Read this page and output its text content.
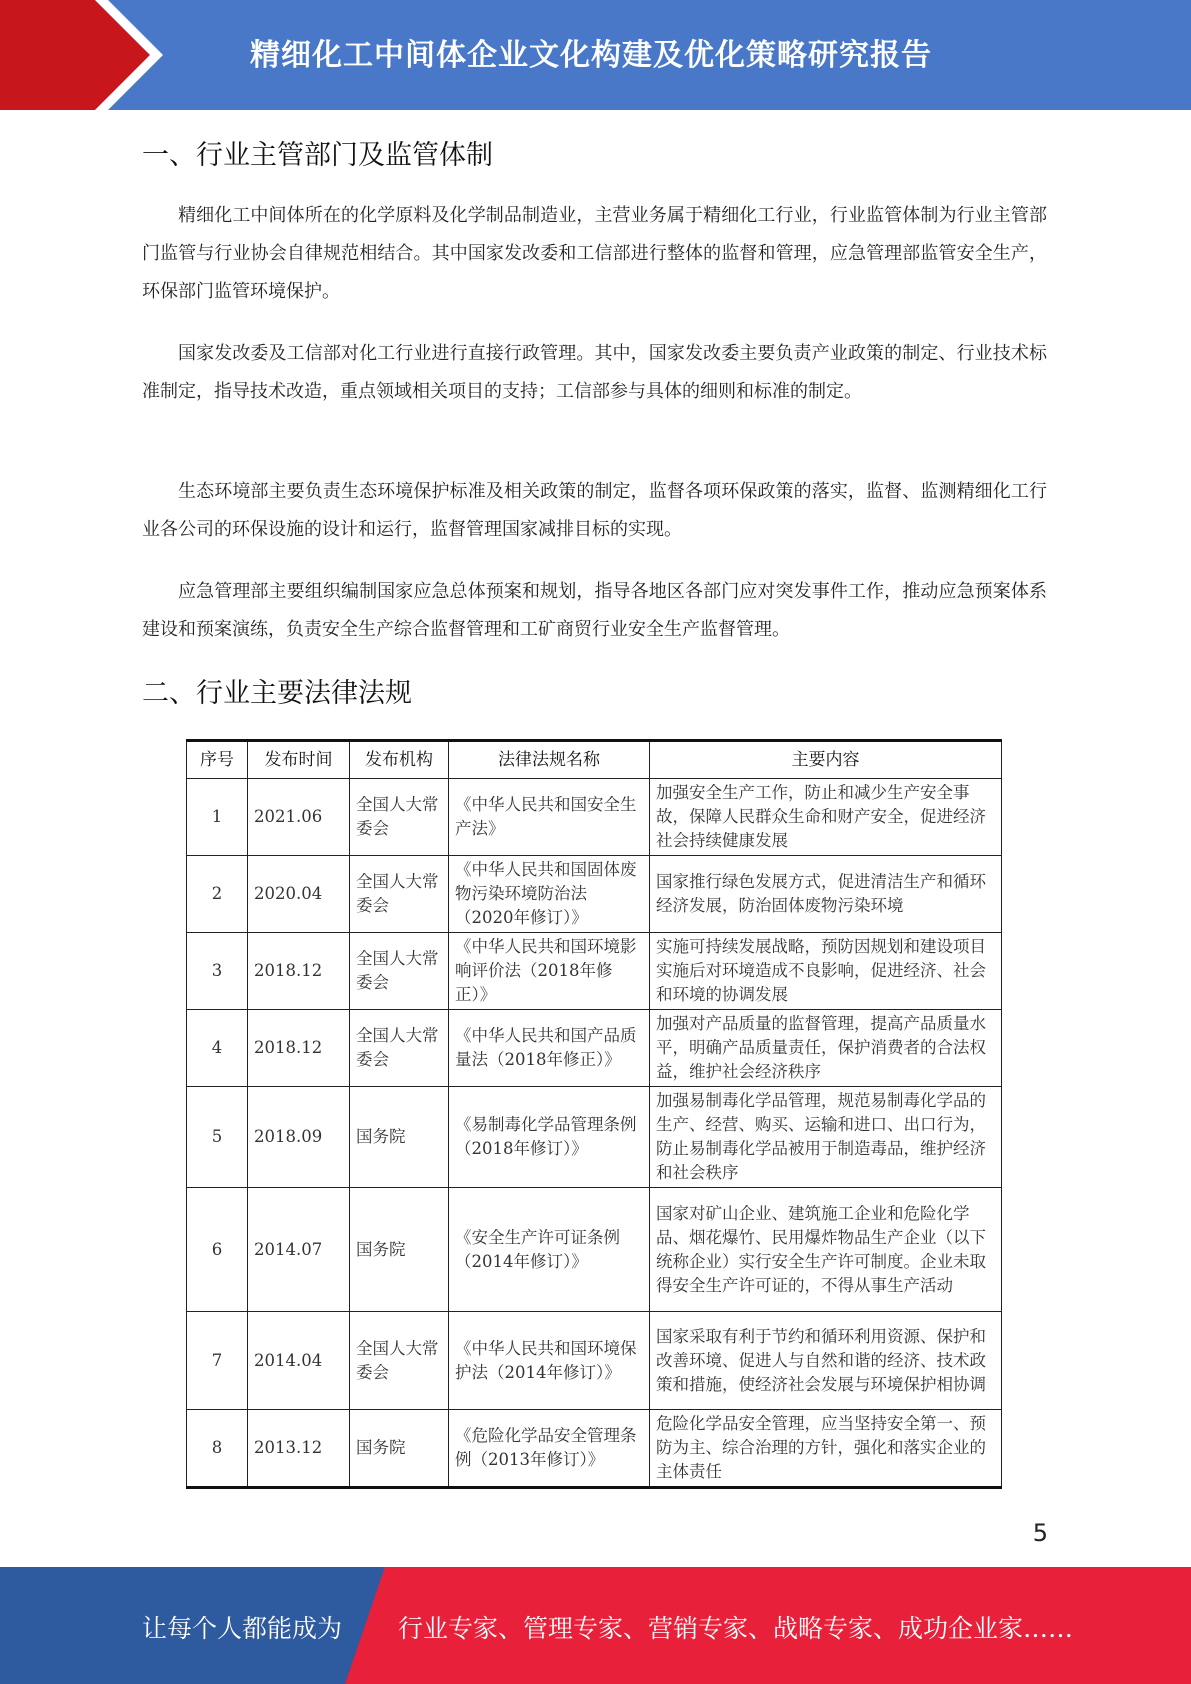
精细化工中间体企业文化构建及优化策略研究报告
一、行业主管部门及监管体制
精细化工中间体所在的化学原料及化学制品制造业，主营业务属于精细化工行业，行业监管体制为行业主管部门监管与行业协会自律规范相结合。其中国家发改委和工信部进行整体的监督和管理，应急管理部监管安全生产，环保部门监管环境保护。
国家发改委及工信部对化工行业进行直接行政管理。其中，国家发改委主要负责产业政策的制定、行业技术标准制定，指导技术改造，重点领域相关项目的支持；工信部参与具体的细则和标准的制定。
生态环境部主要负责生态环境保护标准及相关政策的制定，监督各项环保政策的落实，监督、监测精细化工行业各公司的环保设施的设计和运行，监督管理国家减排目标的实现。
应急管理部主要组织编制国家应急总体预案和规划，指导各地区各部门应对突发事件工作，推动应急预案体系建设和预案演练，负责安全生产综合监督管理和工矿商贸行业安全生产监督管理。
二、行业主要法律法规
序号	发布时间	发布机构	法律法规名称	主要内容
1	2021.06	全国人大常委会	《中华人民共和国安全生产法》	加强安全生产工作，防止和减少生产安全事故，保障人民群众生命和财产安全，促进经济社会持续健康发展
2	2020.04	全国人大常委会	《中华人民共和国固体废物污染环境防治法（2020年修订）》	国家推行绿色发展方式，促进清洁生产和循环经济发展，防治固体废物污染环境
3	2018.12	全国人大常委会	《中华人民共和国环境影响评价法（2018年修正）》	实施可持续发展战略，预防因规划和建设项目实施后对环境造成不良影响，促进经济、社会和环境的协调发展
4	2018.12	全国人大常委会	《中华人民共和国产品质量法（2018年修正）》	加强对产品质量的监督管理，提高产品质量水平，明确产品质量责任，保护消费者的合法权益，维护社会经济秩序
5	2018.09	国务院	《易制毒化学品管理条例（2018年修订）》	加强易制毒化学品管理，规范易制毒化学品的生产、经营、购买、运输和进口、出口行为，防止易制毒化学品被用于制造毒品，维护经济和社会秩序
6	2014.07	国务院	《安全生产许可证条例（2014年修订）》	国家对矿山企业、建筑施工企业和危险化学品、烟花爆竹、民用爆炸物品生产企业（以下统称企业）实行安全生产许可制度。企业未取得安全生产许可证的，不得从事生产活动
7	2014.04	全国人大常委会	《中华人民共和国环境保护法（2014年修订）》	国家采取有利于节约和循环利用资源、保护和改善环境、促进人与自然和谐的经济、技术政策和措施，使经济社会发展与环境保护相协调
8	2013.12	国务院	《危险化学品安全管理条例（2013年修订）》	危险化学品安全管理，应当坚持安全第一、预防为主、综合治理的方针，强化和落实企业的主体责任
5
让每个人都能成为 行业专家、管理专家、营销专家、战略专家、成功企业家……
